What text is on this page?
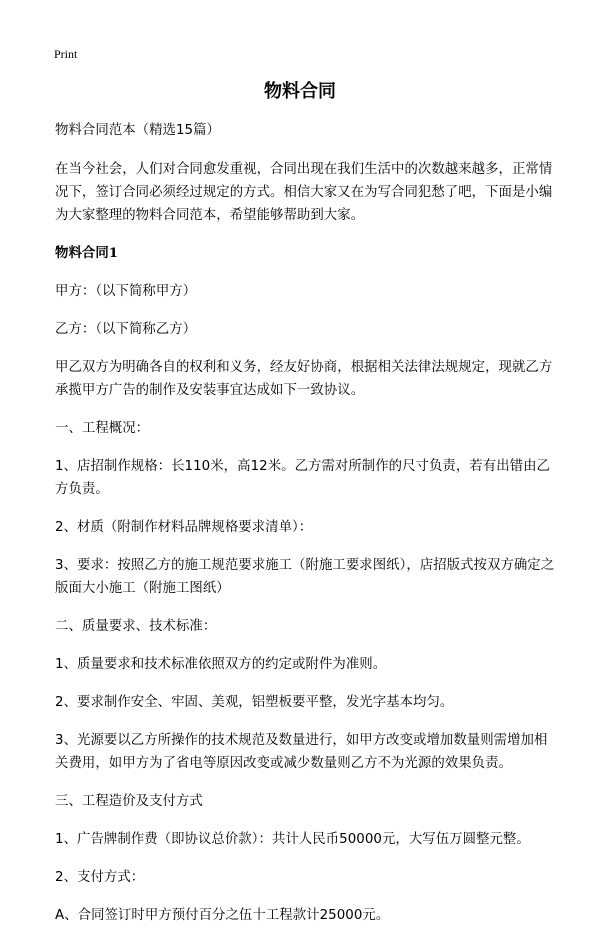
Print
物料合同

物料合同范本（精选15篇）

在当今社会，人们对合同愈发重视，合同出现在我们生活中的次数越来越多，正常情况下，签订合同必须经过规定的方式。相信大家又在为写合同犯愁了吧，下面是小编为大家整理的物料合同范本，希望能够帮助到大家。

物料合同1

甲方：（以下简称甲方）

乙方：（以下简称乙方）

甲乙双方为明确各自的权利和义务，经友好协商，根据相关法律法规规定，现就乙方承揽甲方广告的制作及安装事宜达成如下一致协议。

一、工程概况：

1、店招制作规格：长110米，高12米。乙方需对所制作的尺寸负责，若有出错由乙方负责。

2、材质（附制作材料品牌规格要求清单）：

3、要求：按照乙方的施工规范要求施工（附施工要求图纸），店招版式按双方确定之版面大小施工（附施工图纸）

二、质量要求、技术标准：

1、质量要求和技术标准依照双方的约定或附件为准则。

2、要求制作安全、牢固、美观，铝塑板要平整，发光字基本均匀。

3、光源要以乙方所操作的技术规范及数量进行，如甲方改变或增加数量则需增加相关费用，如甲方为了省电等原因改变或减少数量则乙方不为光源的效果负责。

三、工程造价及支付方式

1、广告牌制作费（即协议总价款）：共计人民币50000元，大写伍万圆整元整。

2、支付方式：

A、合同签订时甲方预付百分之伍十工程款计25000元。
